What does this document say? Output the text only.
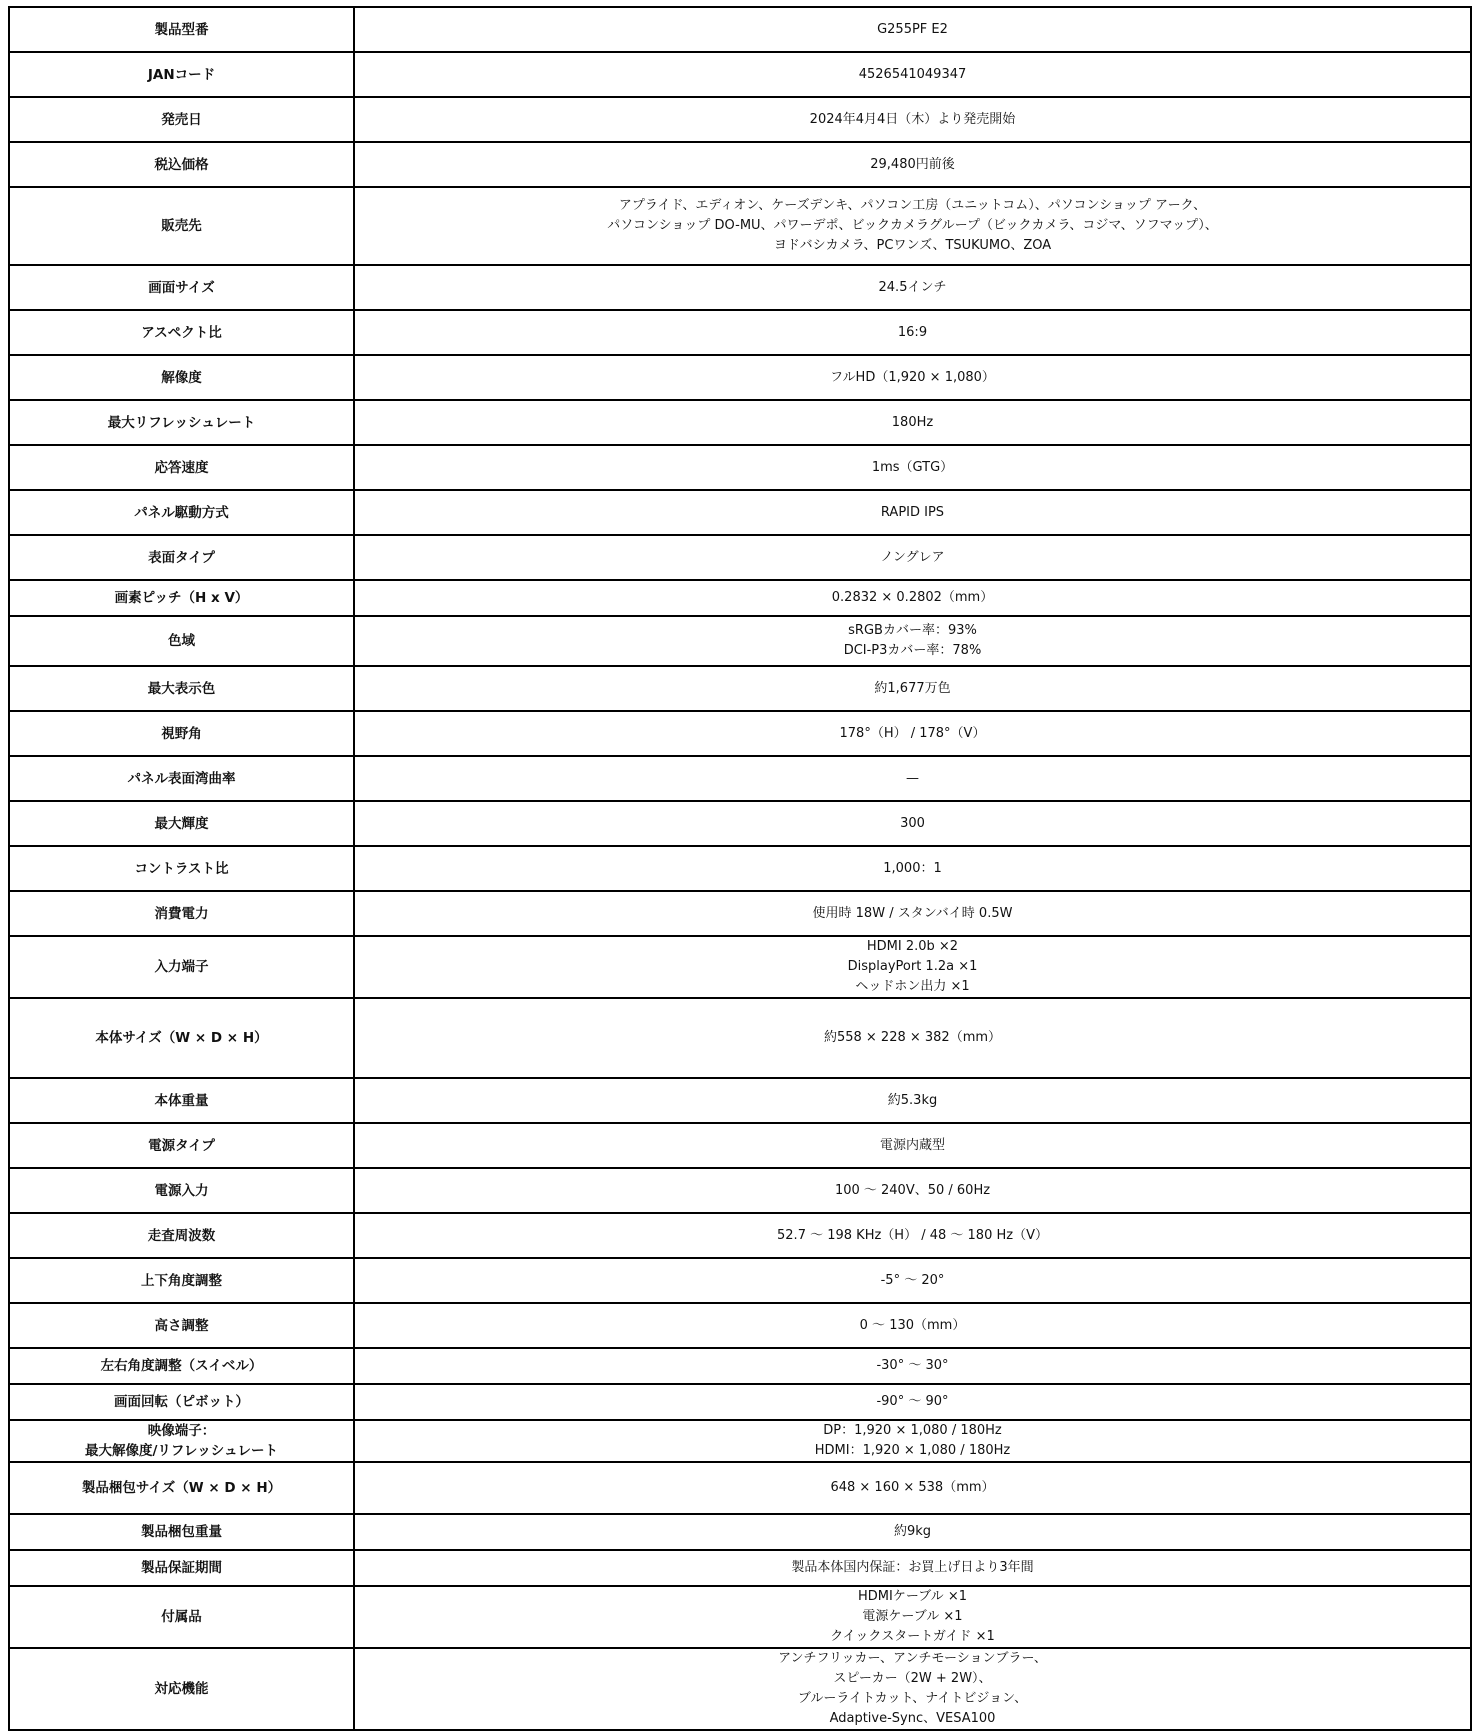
製品型番	G255PF E2
JANコード	4526541049347
発売日	2024年4月4日（木）より発売開始
税込価格	29,480円前後
販売先	アプライド、エディオン、ケーズデンキ、パソコン工房（ユニットコム）、パソコンショップ アーク、
パソコンショップ DO-MU、パワーデポ、ビックカメラグループ（ビックカメラ、コジマ、ソフマップ）、
ヨドバシカメラ、PCワンズ、TSUKUMO、ZOA
画面サイズ	24.5インチ
アスペクト比	16:9
解像度	フルHD（1,920 × 1,080）
最大リフレッシュレート	180Hz
応答速度	1ms（GTG）
パネル駆動方式	RAPID IPS
表面タイプ	ノングレア
画素ピッチ（H x V）	0.2832 × 0.2802（mm）
色域	sRGBカバー率：93%
DCI-P3カバー率：78%
最大表示色	約1,677万色
視野角	178°（H） / 178°（V）
パネル表面湾曲率	—
最大輝度	300
コントラスト比	1,000：1
消費電力	使用時 18W / スタンバイ時 0.5W
入力端子	HDMI 2.0b ×2
DisplayPort 1.2a ×1
ヘッドホン出力 ×1
本体サイズ（W × D × H）	約558 × 228 × 382（mm）
本体重量	約5.3kg
電源タイプ	電源内蔵型
電源入力	100 ～ 240V、50 / 60Hz
走査周波数	52.7 ～ 198 KHz（H） / 48 ～ 180 Hz（V）
上下角度調整	-5° ～ 20°
高さ調整	0 ～ 130（mm）
左右角度調整（スイベル）	-30° ～ 30°
画面回転（ピボット）	-90° ～ 90°
映像端子：
最大解像度/リフレッシュレート	DP：1,920 × 1,080 / 180Hz
HDMI：1,920 × 1,080 / 180Hz
製品梱包サイズ（W × D × H）	648 × 160 × 538（mm）
製品梱包重量	約9kg
製品保証期間	製品本体国内保証：お買上げ日より3年間
付属品	HDMIケーブル ×1
電源ケーブル ×1
クイックスタートガイド ×1
対応機能	アンチフリッカー、アンチモーションブラー、
スピーカー（2W + 2W）、
ブルーライトカット、ナイトビジョン、
Adaptive-Sync、VESA100
